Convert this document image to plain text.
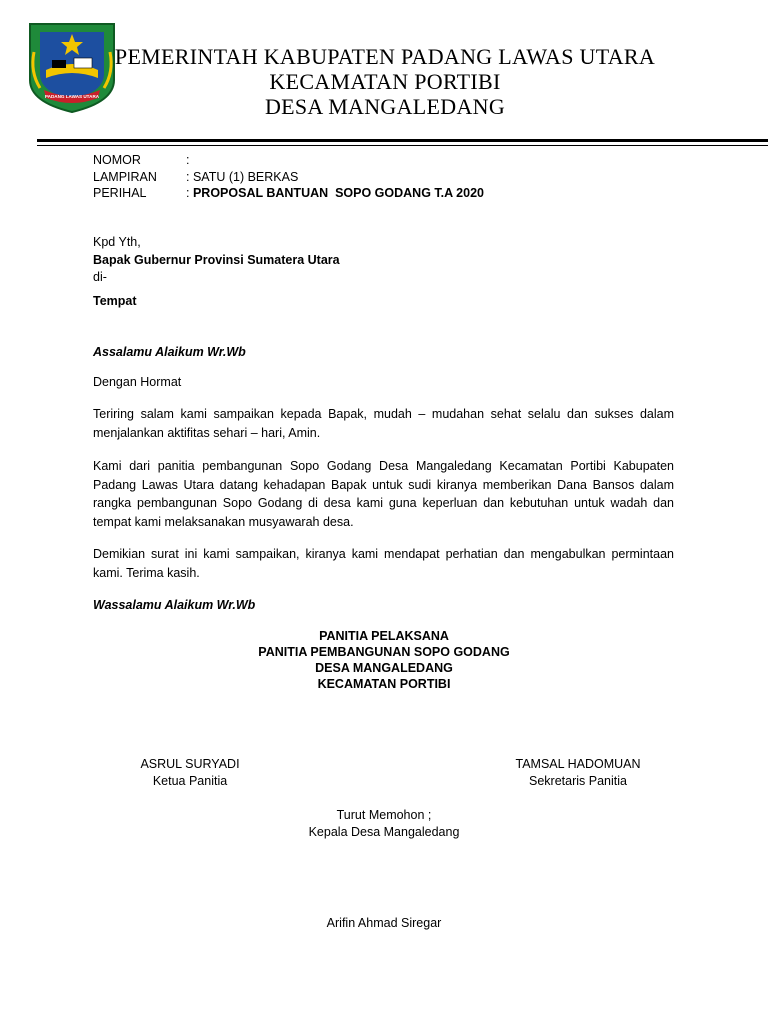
PADANG LAWAS UTARA
PEMERINTAH KABUPATEN PADANG LAWAS UTARA
KECAMATAN PORTIBI
DESA MANGALEDANG
NOMOR	:
LAMPIRAN	: SATU (1) BERKAS
PERIHAL	: PROPOSAL BANTUAN  SOPO GODANG T.A 2020
Kpd Yth,
Bapak Gubernur Provinsi Sumatera Utara
di-
Tempat
Assalamu Alaikum Wr.Wb
Dengan Hormat
Teriring salam kami sampaikan kepada Bapak, mudah – mudahan sehat selalu dan sukses dalam menjalankan aktifitas sehari – hari, Amin.
Kami dari panitia pembangunan Sopo Godang Desa Mangaledang Kecamatan Portibi Kabupaten Padang Lawas Utara datang kehadapan Bapak untuk sudi kiranya memberikan Dana Bansos dalam rangka pembangunan Sopo Godang di desa kami guna keperluan dan kebutuhan untuk wadah dan tempat kami melaksanakan musyawarah desa.
Demikian surat ini kami sampaikan, kiranya kami mendapat perhatian dan mengabulkan permintaan kami. Terima kasih.
Wassalamu Alaikum Wr.Wb
PANITIA PELAKSANA
PANITIA PEMBANGUNAN SOPO GODANG
DESA MANGALEDANG
KECAMATAN PORTIBI
ASRUL SURYADI
Ketua Panitia
TAMSAL HADOMUAN
Sekretaris Panitia
Turut Memohon ;
Kepala Desa Mangaledang
Arifin Ahmad Siregar
